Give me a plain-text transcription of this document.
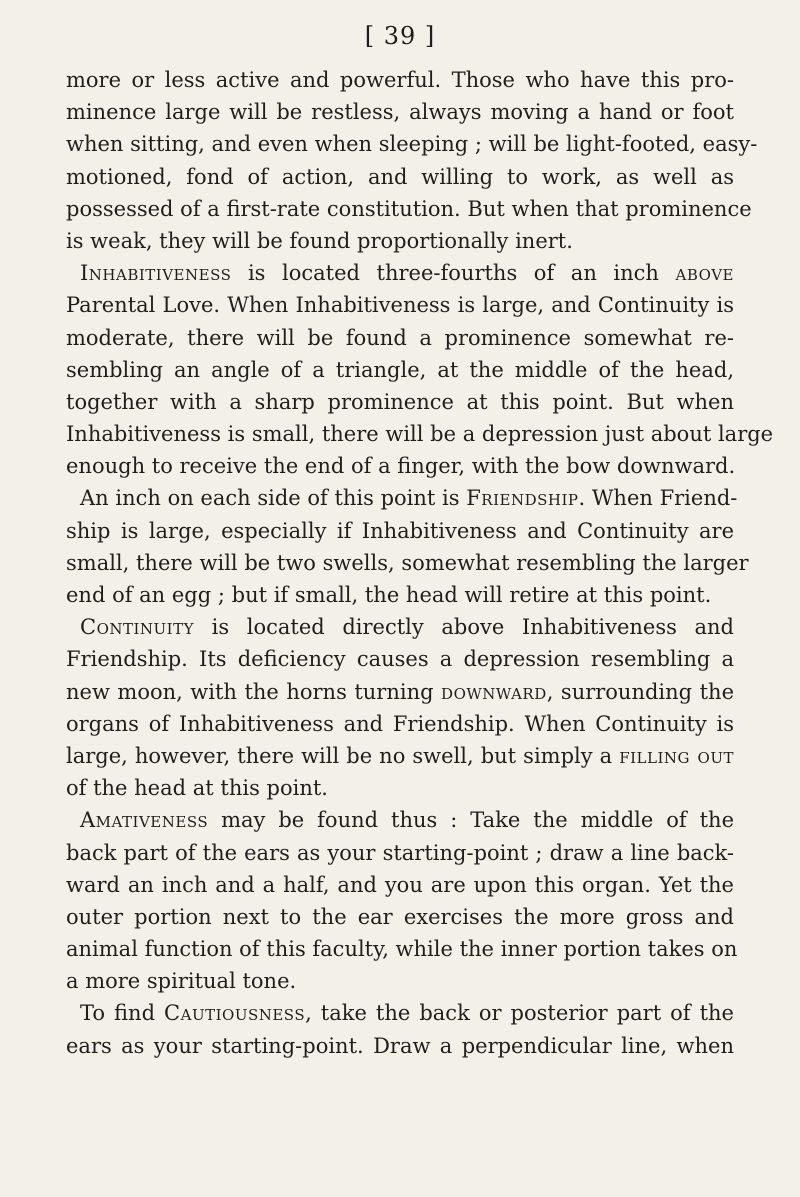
[ 39 ]
more or less active and powerful. Those who have this pro-
minence large will be restless, always moving a hand or foot
when sitting, and even when sleeping ; will be light-footed, easy-
motioned, fond of action, and willing to work, as well as
possessed of a first-rate constitution. But when that prominence
is weak, they will be found proportionally inert.
Inhabitiveness is located three-fourths of an inch above
Parental Love. When Inhabitiveness is large, and Continuity is
moderate, there will be found a prominence somewhat re-
sembling an angle of a triangle, at the middle of the head,
together with a sharp prominence at this point. But when
Inhabitiveness is small, there will be a depression just about large
enough to receive the end of a finger, with the bow downward.
An inch on each side of this point is Friendship. When Friend-
ship is large, especially if Inhabitiveness and Continuity are
small, there will be two swells, somewhat resembling the larger
end of an egg ; but if small, the head will retire at this point.
Continuity is located directly above Inhabitiveness and
Friendship. Its deficiency causes a depression resembling a
new moon, with the horns turning downward, surrounding the
organs of Inhabitiveness and Friendship. When Continuity is
large, however, there will be no swell, but simply a filling out
of the head at this point.
Amativeness may be found thus : Take the middle of the
back part of the ears as your starting-point ; draw a line back-
ward an inch and a half, and you are upon this organ. Yet the
outer portion next to the ear exercises the more gross and
animal function of this faculty, while the inner portion takes on
a more spiritual tone.
To find Cautiousness, take the back or posterior part of the
ears as your starting-point. Draw a perpendicular line, when
